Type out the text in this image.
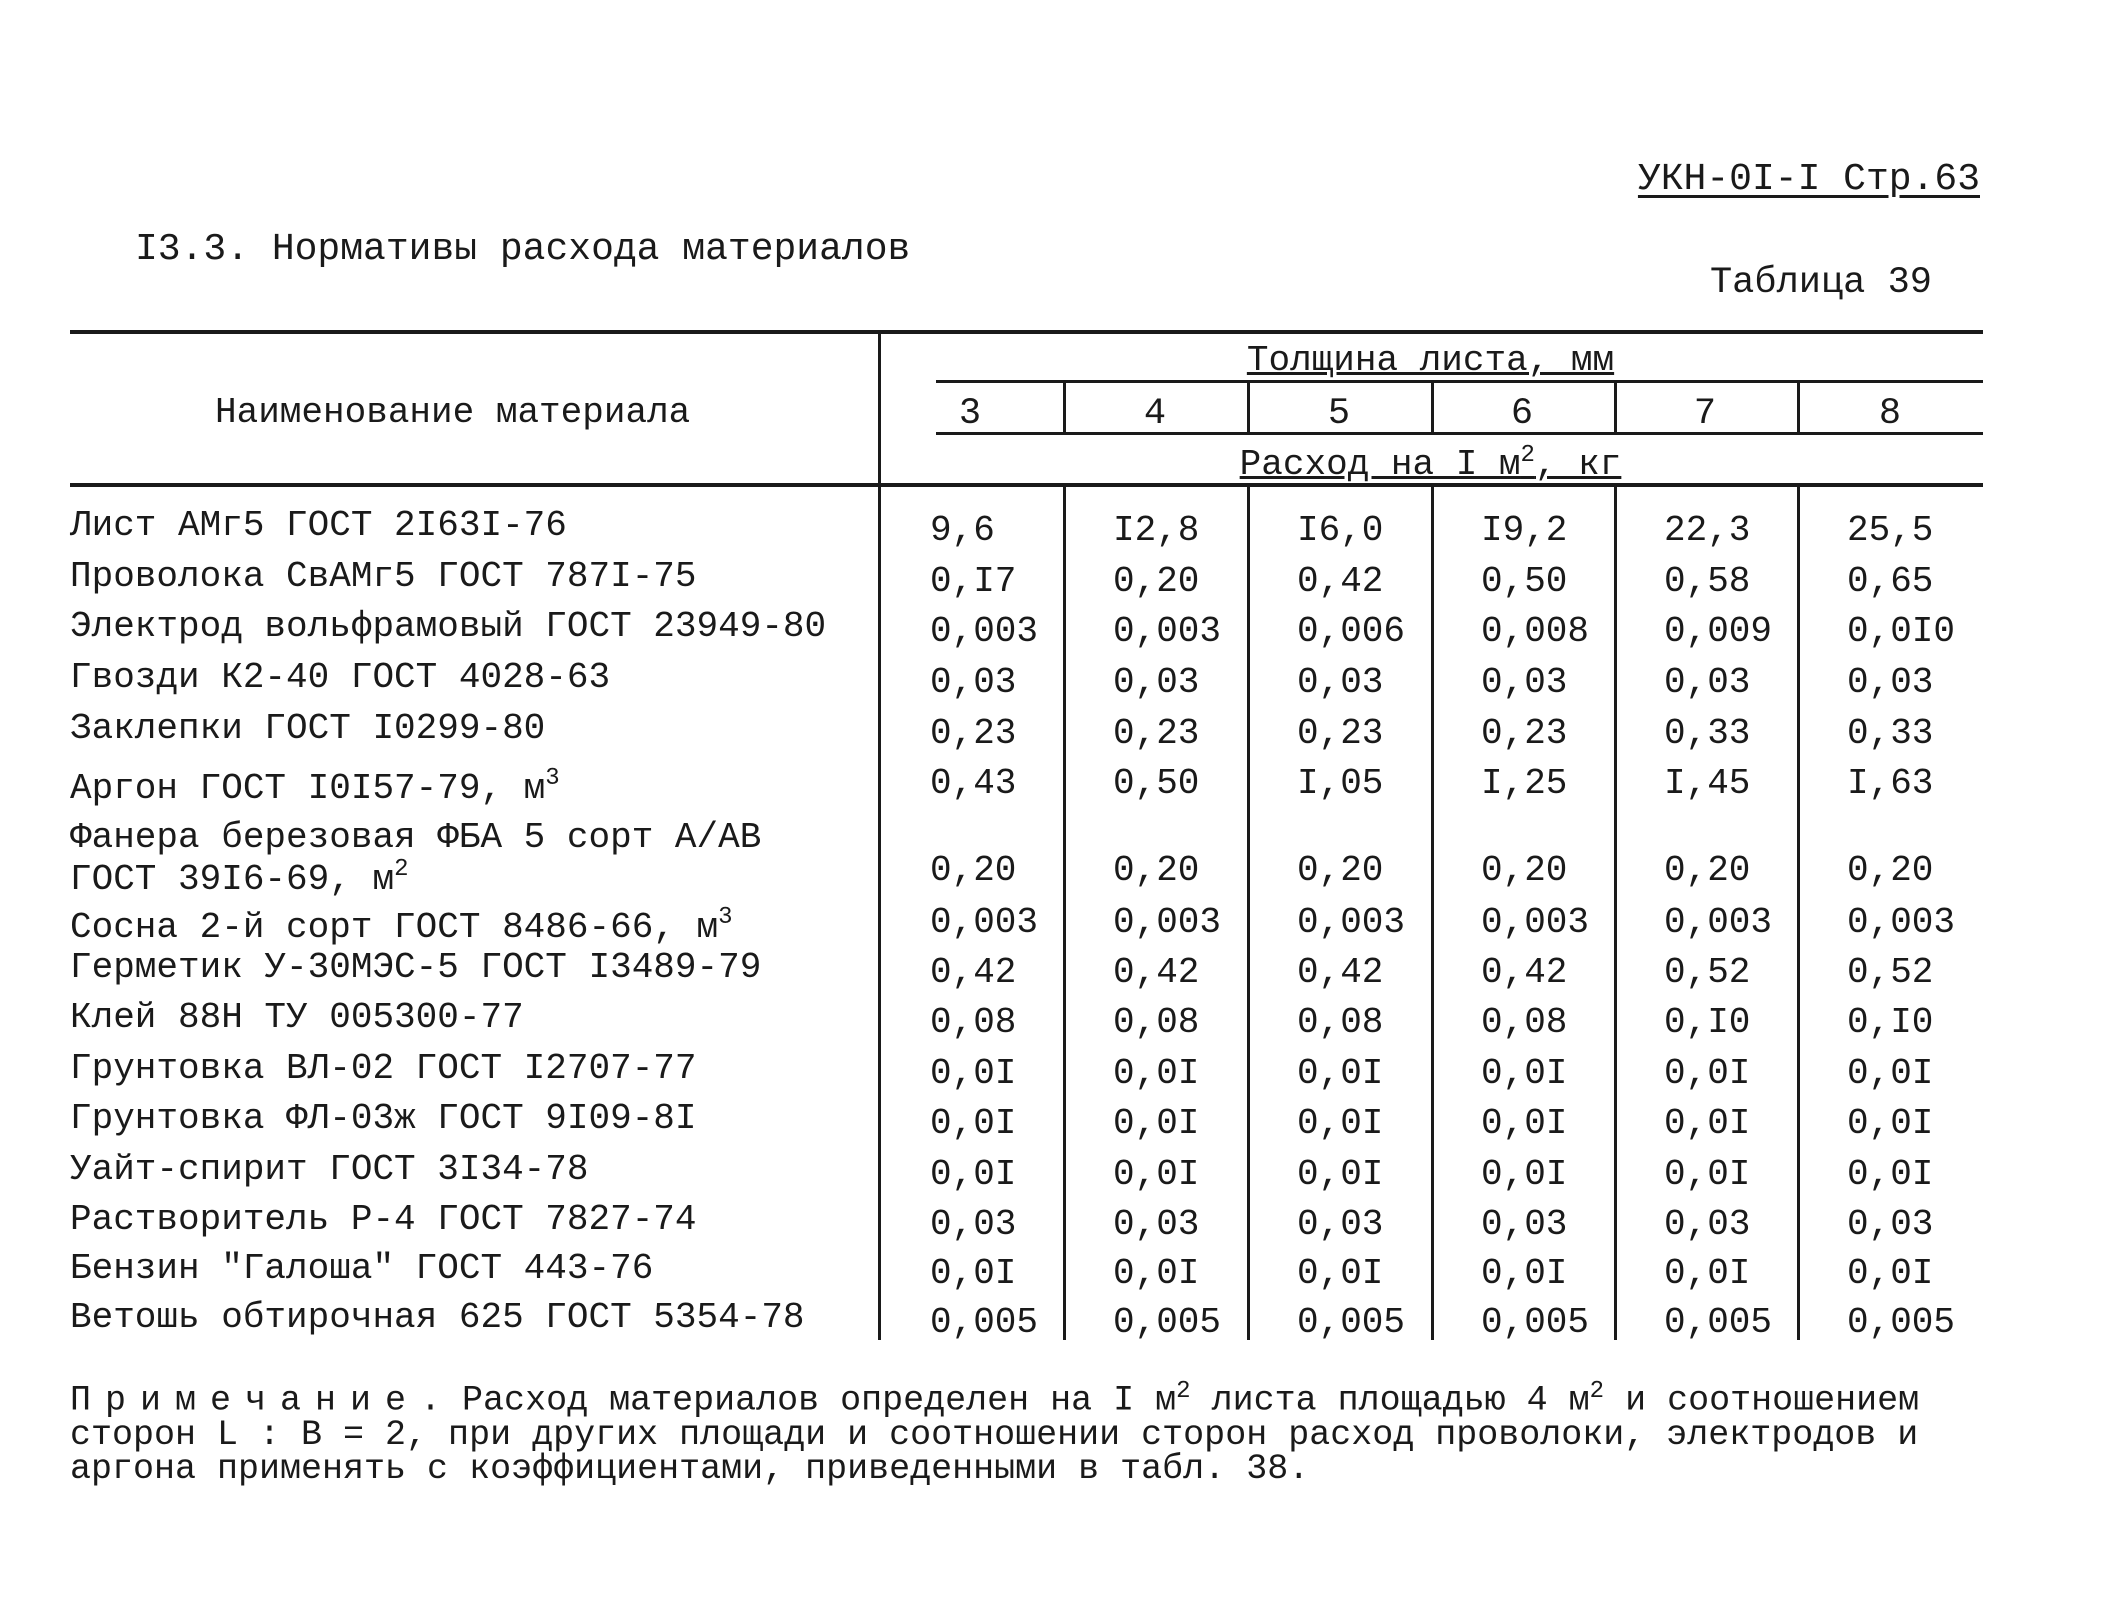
УКН-0I-I Стр.63
I3.3. Нормативы расхода материалов
Таблица 39
Наименование материала
Толщина листа, мм
Расход на I $м^2$, кг
3	4	5	6	7	8
Лист АМг5 ГОСТ 2I63I-76	9,6	I2,8	I6,0	I9,2	22,3	25,5
Проволока СвАМг5 ГОСТ 787I-75	0,I7	0,20	0,42	0,50	0,58	0,65
Электрод вольфрамовый ГОСТ 23949-80	0,003	0,003	0,006	0,008	0,009	0,0I0
Гвозди К2-40 ГОСТ 4028-63	0,03	0,03	0,03	0,03	0,03	0,03
Заклепки ГОСТ I0299-80	0,23	0,23	0,23	0,23	0,33	0,33
Аргон ГОСТ I0I57-79, $м^3$	0,43	0,50	I,05	I,25	I,45	I,63
Фанера березовая ФБА 5 сорт А/АВ
ГОСТ 39I6-69, $м^2$	0,20	0,20	0,20	0,20	0,20	0,20
Сосна 2-й сорт ГОСТ 8486-66, $м^3$	0,003	0,003	0,003	0,003	0,003	0,003
Герметик У-30МЭС-5 ГОСТ I3489-79	0,42	0,42	0,42	0,42	0,52	0,52
Клей 88Н ТУ 005300-77	0,08	0,08	0,08	0,08	0,I0	0,I0
Грунтовка ВЛ-02 ГОСТ I2707-77	0,0I	0,0I	0,0I	0,0I	0,0I	0,0I
Грунтовка ФЛ-03ж ГОСТ 9I09-8I	0,0I	0,0I	0,0I	0,0I	0,0I	0,0I
Уайт-спирит ГОСТ 3I34-78	0,0I	0,0I	0,0I	0,0I	0,0I	0,0I
Растворитель Р-4 ГОСТ 7827-74	0,03	0,03	0,03	0,03	0,03	0,03
Бензин "Галоша" ГОСТ 443-76	0,0I	0,0I	0,0I	0,0I	0,0I	0,0I
Ветошь обтирочная 625 ГОСТ 5354-78	0,005	0,005	0,005	0,005	0,005	0,005
Примечание. Расход материалов определен на I $м^2$ листа площадью 4 $м^2$ и соотношением сторон L : В = 2, при других площади и соотношении сторон расход проволоки, электродов и аргона применять с коэффициентами, приведенными в табл. 38.
